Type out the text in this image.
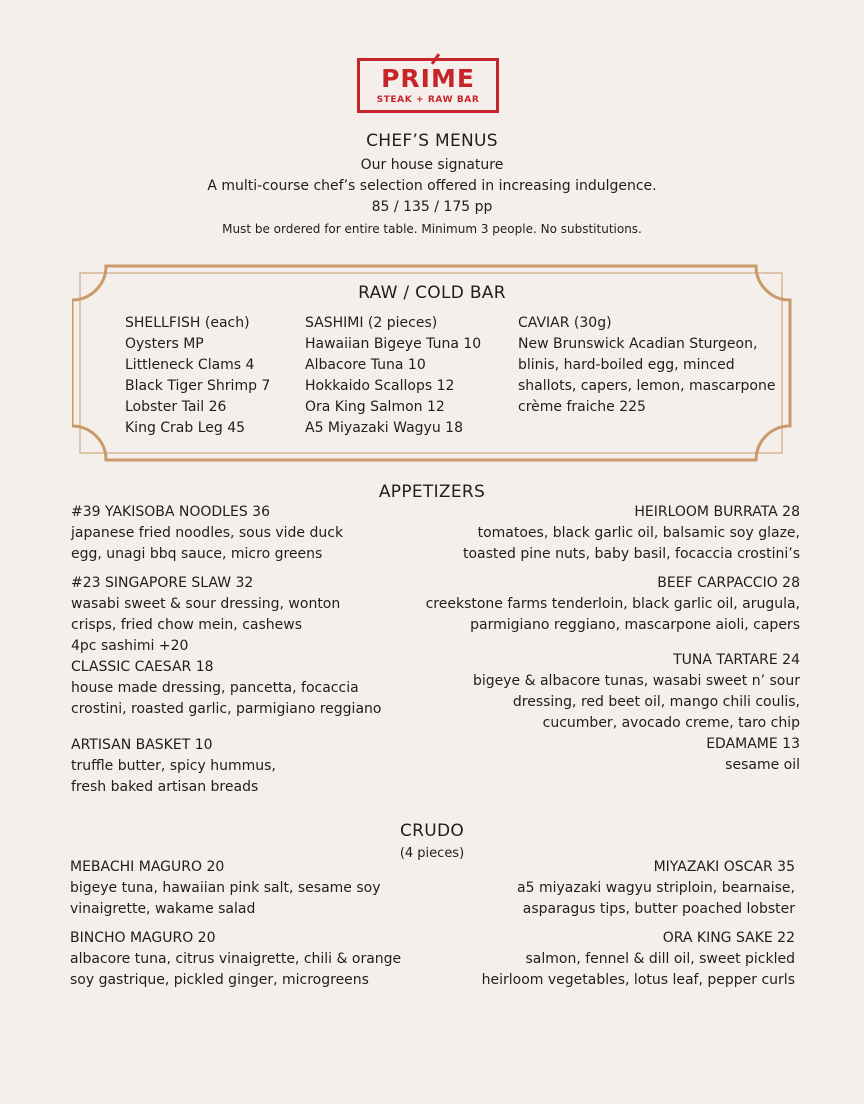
PRIME
STEAK + RAW BAR
CHEF’S MENUS
Our house signature
A multi-course chef’s selection offered in increasing indulgence.
85 / 135 / 175 pp
Must be ordered for entire table. Minimum 3 people. No substitutions.
RAW / COLD BAR
SHELLFISH (each)
Oysters MP
Littleneck Clams 4
Black Tiger Shrimp 7
Lobster Tail 26
King Crab Leg 45
SASHIMI (2 pieces)
Hawaiian Bigeye Tuna 10
Albacore Tuna 10
Hokkaido Scallops 12
Ora King Salmon 12
A5 Miyazaki Wagyu 18
CAVIAR (30g)
New Brunswick Acadian Sturgeon,
blinis, hard-boiled egg, minced
shallots, capers, lemon, mascarpone
crème fraiche 225
APPETIZERS
#39 YAKISOBA NOODLES 36
japanese fried noodles, sous vide duck
egg, unagi bbq sauce, micro greens
#23 SINGAPORE SLAW 32
wasabi sweet & sour dressing, wonton
crisps, fried chow mein, cashews
4pc sashimi +20
CLASSIC CAESAR 18
house made dressing, pancetta, focaccia
crostini, roasted garlic, parmigiano reggiano
ARTISAN BASKET 10
truffle butter, spicy hummus,
fresh baked artisan breads
HEIRLOOM BURRATA 28
tomatoes, black garlic oil, balsamic soy glaze,
toasted pine nuts, baby basil, focaccia crostini’s
BEEF CARPACCIO 28
creekstone farms tenderloin, black garlic oil, arugula,
parmigiano reggiano, mascarpone aioli, capers
TUNA TARTARE 24
bigeye & albacore tunas, wasabi sweet n’ sour
dressing, red beet oil, mango chili coulis,
cucumber, avocado creme, taro chip
EDAMAME 13
sesame oil
CRUDO
(4 pieces)
MEBACHI MAGURO 20
bigeye tuna, hawaiian pink salt, sesame soy
vinaigrette, wakame salad
BINCHO MAGURO 20
albacore tuna, citrus vinaigrette, chili & orange
soy gastrique, pickled ginger, microgreens
MIYAZAKI OSCAR 35
a5 miyazaki wagyu striploin, bearnaise,
asparagus tips, butter poached lobster
ORA KING SAKE 22
salmon, fennel & dill oil, sweet pickled
heirloom vegetables, lotus leaf, pepper curls
